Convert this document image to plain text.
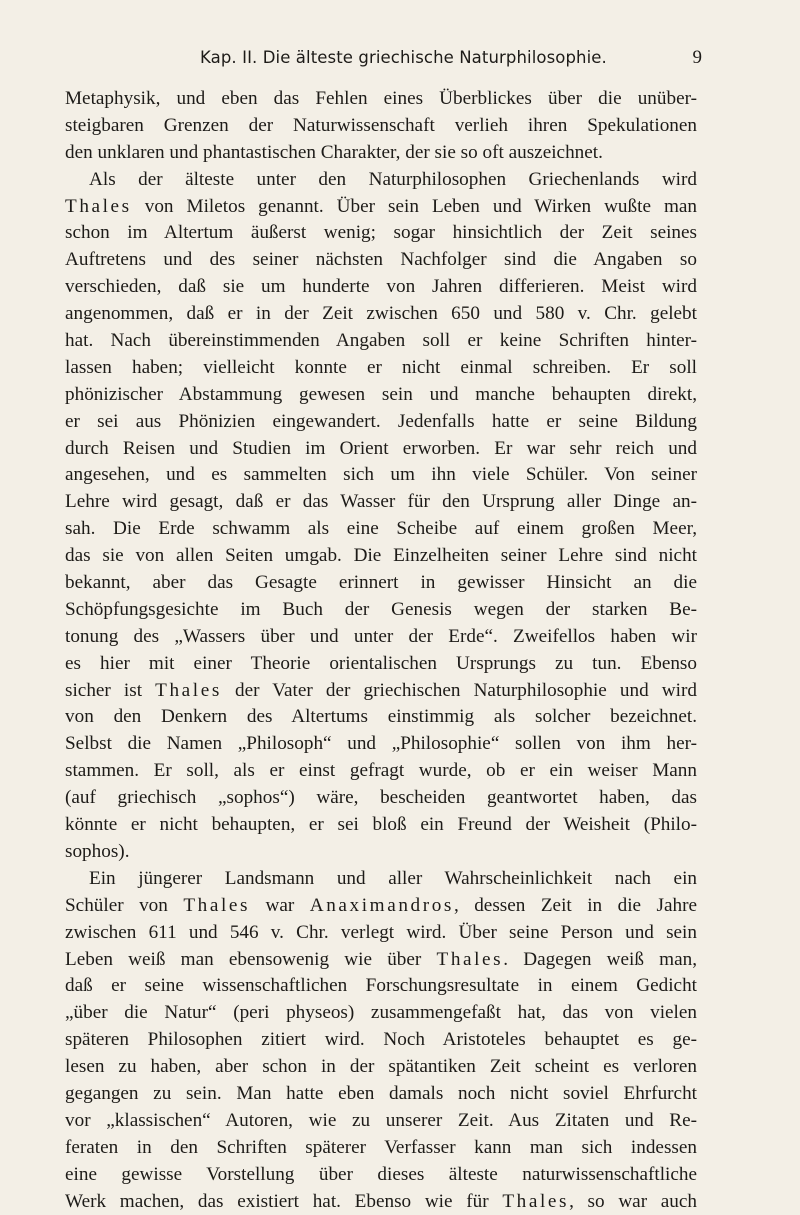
Kap. II. Die älteste griechische Naturphilosophie.	9
Metaphysik, und eben das Fehlen eines Überblickes über die unüber-
steigbaren Grenzen der Naturwissenschaft verlieh ihren Spekulationen
den unklaren und phantastischen Charakter, der sie so oft auszeichnet.
Als der älteste unter den Naturphilosophen Griechenlands wird
Thales von Miletos genannt. Über sein Leben und Wirken wußte man
schon im Altertum äußerst wenig; sogar hinsichtlich der Zeit seines
Auftretens und des seiner nächsten Nachfolger sind die Angaben so
verschieden, daß sie um hunderte von Jahren differieren. Meist wird
angenommen, daß er in der Zeit zwischen 650 und 580 v. Chr. gelebt
hat. Nach übereinstimmenden Angaben soll er keine Schriften hinter-
lassen haben; vielleicht konnte er nicht einmal schreiben. Er soll
phönizischer Abstammung gewesen sein und manche behaupten direkt,
er sei aus Phönizien eingewandert. Jedenfalls hatte er seine Bildung
durch Reisen und Studien im Orient erworben. Er war sehr reich und
angesehen, und es sammelten sich um ihn viele Schüler. Von seiner
Lehre wird gesagt, daß er das Wasser für den Ursprung aller Dinge an-
sah. Die Erde schwamm als eine Scheibe auf einem großen Meer,
das sie von allen Seiten umgab. Die Einzelheiten seiner Lehre sind nicht
bekannt, aber das Gesagte erinnert in gewisser Hinsicht an die
Schöpfungsgesichte im Buch der Genesis wegen der starken Be-
tonung des „Wassers über und unter der Erde“. Zweifellos haben wir
es hier mit einer Theorie orientalischen Ursprungs zu tun. Ebenso
sicher ist Thales der Vater der griechischen Naturphilosophie und wird
von den Denkern des Altertums einstimmig als solcher bezeichnet.
Selbst die Namen „Philosoph“ und „Philosophie“ sollen von ihm her-
stammen. Er soll, als er einst gefragt wurde, ob er ein weiser Mann
(auf griechisch „sophos“) wäre, bescheiden geantwortet haben, das
könnte er nicht behaupten, er sei bloß ein Freund der Weisheit (Philo-
sophos).
Ein jüngerer Landsmann und aller Wahrscheinlichkeit nach ein
Schüler von Thales war Anaximandros, dessen Zeit in die Jahre
zwischen 611 und 546 v. Chr. verlegt wird. Über seine Person und sein
Leben weiß man ebensowenig wie über Thales. Dagegen weiß man,
daß er seine wissenschaftlichen Forschungsresultate in einem Gedicht
„über die Natur“ (peri physeos) zusammengefaßt hat, das von vielen
späteren Philosophen zitiert wird. Noch Aristoteles behauptet es ge-
lesen zu haben, aber schon in der spätantiken Zeit scheint es verloren
gegangen zu sein. Man hatte eben damals noch nicht soviel Ehrfurcht
vor „klassischen“ Autoren, wie zu unserer Zeit. Aus Zitaten und Re-
feraten in den Schriften späterer Verfasser kann man sich indessen
eine gewisse Vorstellung über dieses älteste naturwissenschaftliche
Werk machen, das existiert hat. Ebenso wie für Thales, so war auch
